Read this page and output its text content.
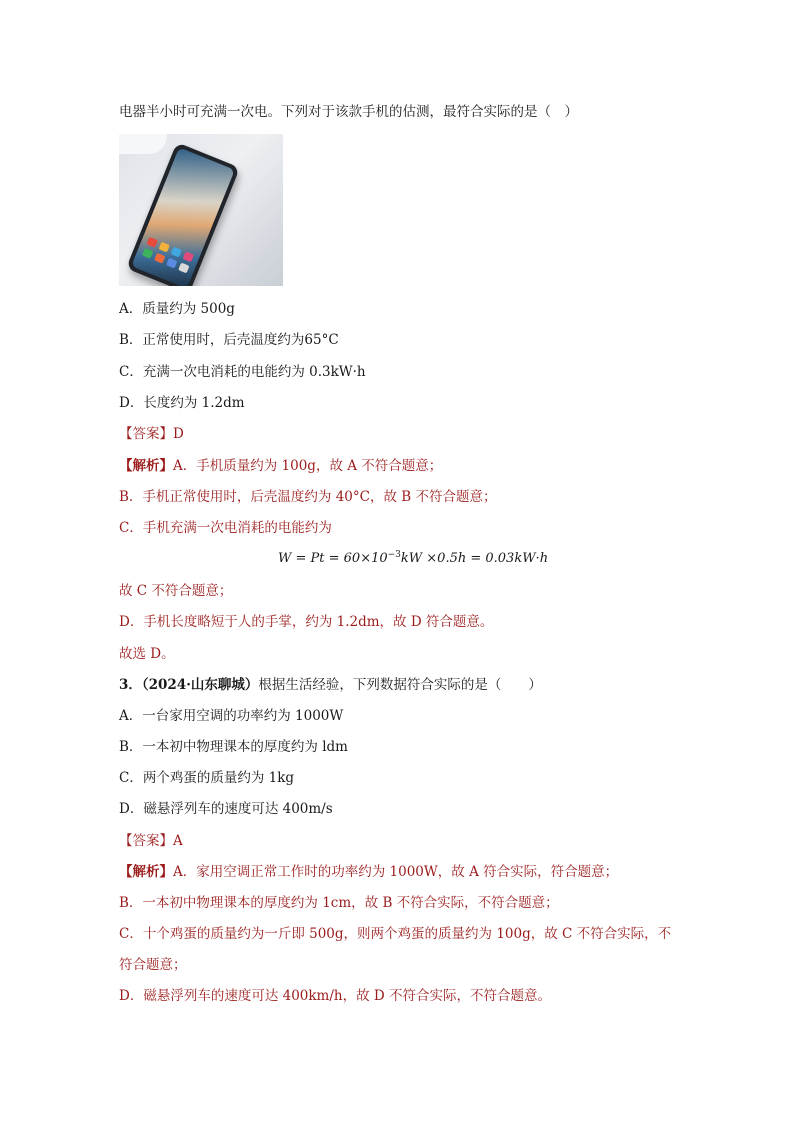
电器半小时可充满一次电。下列对于该款手机的估测，最符合实际的是（　）
A．质量约为 500g
B．正常使用时，后壳温度约为65°C
C．充满一次电消耗的电能约为 0.3kW·h
D．长度约为 1.2dm
【答案】D
【解析】A．手机质量约为 100g，故 A 不符合题意；
B．手机正常使用时，后壳温度约为 40°C，故 B 不符合题意；
C．手机充满一次电消耗的电能约为
$W = Pt = 60\times 10^{-3}kW \times 0.5h = 0.03kW\cdot h$
故 C 不符合题意；
D．手机长度略短于人的手掌，约为 1.2dm，故 D 符合题意。
故选 D。
3．（2024·山东聊城）根据生活经验，下列数据符合实际的是（　　）
A．一台家用空调的功率约为 1000W
B．一本初中物理课本的厚度约为 ldm
C．两个鸡蛋的质量约为 1kg
D．磁悬浮列车的速度可达 400m/s
【答案】A
【解析】A．家用空调正常工作时的功率约为 1000W，故 A 符合实际，符合题意；
B．一本初中物理课本的厚度约为 1cm，故 B 不符合实际，不符合题意；
C．十个鸡蛋的质量约为一斤即 500g，则两个鸡蛋的质量约为 100g，故 C 不符合实际，不
符合题意；
D．磁悬浮列车的速度可达 400km/h，故 D 不符合实际，不符合题意。
